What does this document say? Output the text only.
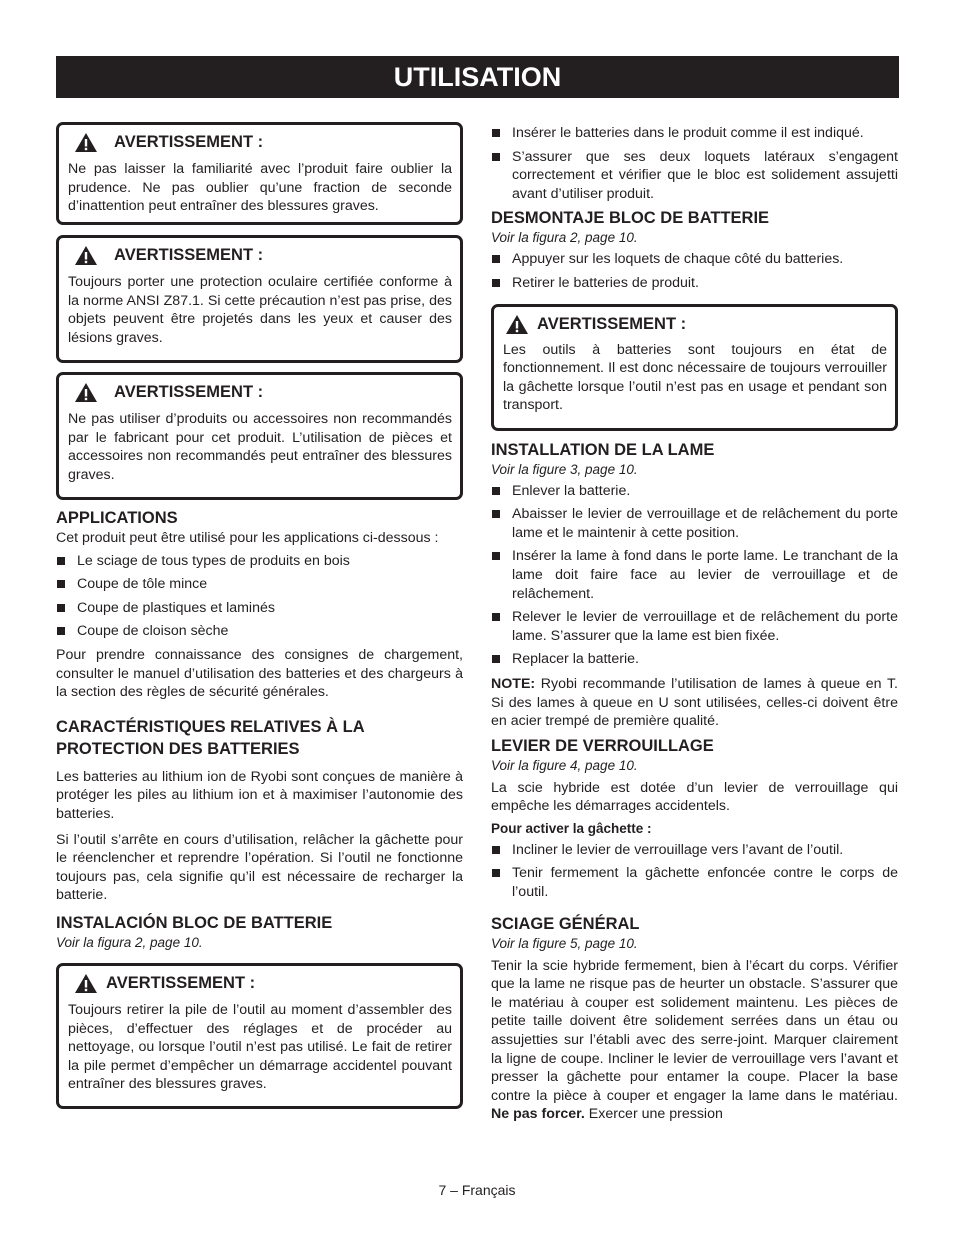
UTILISATION
AVERTISSEMENT :

Ne pas laisser la familiarité avec l’produit faire oublier la prudence. Ne pas oublier qu’une fraction de seconde d’inattention peut entraîner des blessures graves.

AVERTISSEMENT :

Toujours porter une protection oculaire certifiée conforme à la norme ANSI Z87.1. Si cette précaution n’est pas prise, des objets peuvent être projetés dans les yeux et causer des lésions graves.

AVERTISSEMENT :

Ne pas utiliser d’produits ou accessoires non recommandés par le fabricant pour cet produit. L’utilisation de pièces et accessoires non recommandés peut entraîner des blessures graves.

APPLICATIONS

Cet produit peut être utilisé pour les applications ci-dessous :

Le sciage de tous types de produits en bois
Coupe de tôle mince
Coupe de plastiques et laminés
Coupe de cloison sèche

Pour prendre connaissance des consignes de chargement, consulter le manuel d’utilisation des batteries et des chargeurs à la section des règles de sécurité générales.

CARACTÉRISTIQUES RELATIVES À LA PROTECTION DES BATTERIES

Les batteries au lithium ion de Ryobi sont conçues de manière à protéger les piles au lithium ion et à maximiser l’autonomie des batteries.

Si l’outil s’arrête en cours d’utilisation, relâcher la gâchette pour le réenclencher et reprendre l’opération. Si l’outil ne fonctionne toujours pas, cela signifie qu’il est nécessaire de recharger la batterie.

INSTALACIÓN BLOC DE BATTERIE

Voir la figura 2, page 10.

AVERTISSEMENT :

Toujours retirer la pile de l’outil au moment d’assembler des pièces, d’effectuer des réglages et de procéder au nettoyage, ou lorsque l’outil n’est pas utilisé. Le fait de retirer la pile permet d’empêcher un démarrage accidentel pouvant entraîner des blessures graves.

Insérer le batteries dans le produit comme il est indiqué.
S’assurer que ses deux loquets latéraux s’engagent correctement et vérifier que le bloc est solidement assujetti avant d’utiliser produit.

DESMONTAJE BLOC DE BATTERIE

Voir la figura 2, page 10.

Appuyer sur les loquets de chaque côté du batteries.
Retirer le batteries de produit.
AVERTISSEMENT :

Les outils à batteries sont toujours en état de fonctionnement. Il est donc nécessaire de toujours verrouiller la gâchette lorsque l’outil n’est pas en usage et pendant son transport.

INSTALLATION DE LA LAME

Voir la figure 3, page 10.

Enlever la batterie.
Abaisser le levier de verrouillage et de relâchement du porte lame et le maintenir à cette position.
Insérer la lame à fond dans le porte lame. Le tranchant de la lame doit faire face au levier de verrouillage et de relâchement.
Relever le levier de verrouillage et de relâchement du porte lame. S’assurer que la lame est bien fixée.
Replacer la batterie.

NOTE: Ryobi recommande l’utilisation de lames à queue en T. Si des lames à queue en U sont utilisées, celles-ci doivent être en acier trempé de première qualité.

LEVIER DE VERROUILLAGE

Voir la figure 4, page 10.

La scie hybride est dotée d’un levier de verrouillage qui empêche les démarrages accidentels.

Pour activer la gâchette :

Incliner le levier de verrouillage vers l’avant de l’outil.
Tenir fermement la gâchette enfoncée contre le corps de l’outil.

SCIAGE GÉNÉRAL

Voir la figure 5, page 10.

Tenir la scie hybride fermement, bien à l’écart du corps. Vérifier que la lame ne risque pas de heurter un obstacle. S’assurer que le matériau à couper est solidement maintenu. Les pièces de petite taille doivent être solidement serrées dans un étau ou assujetties sur l’établi avec des serre-joint. Marquer clairement la ligne de coupe. Incliner le levier de verrouillage vers l’avant et presser la gâchette pour entamer la coupe. Placer la base contre la pièce à couper et engager la lame dans le matériau. Ne pas forcer. Exercer une pression

7 – Français
